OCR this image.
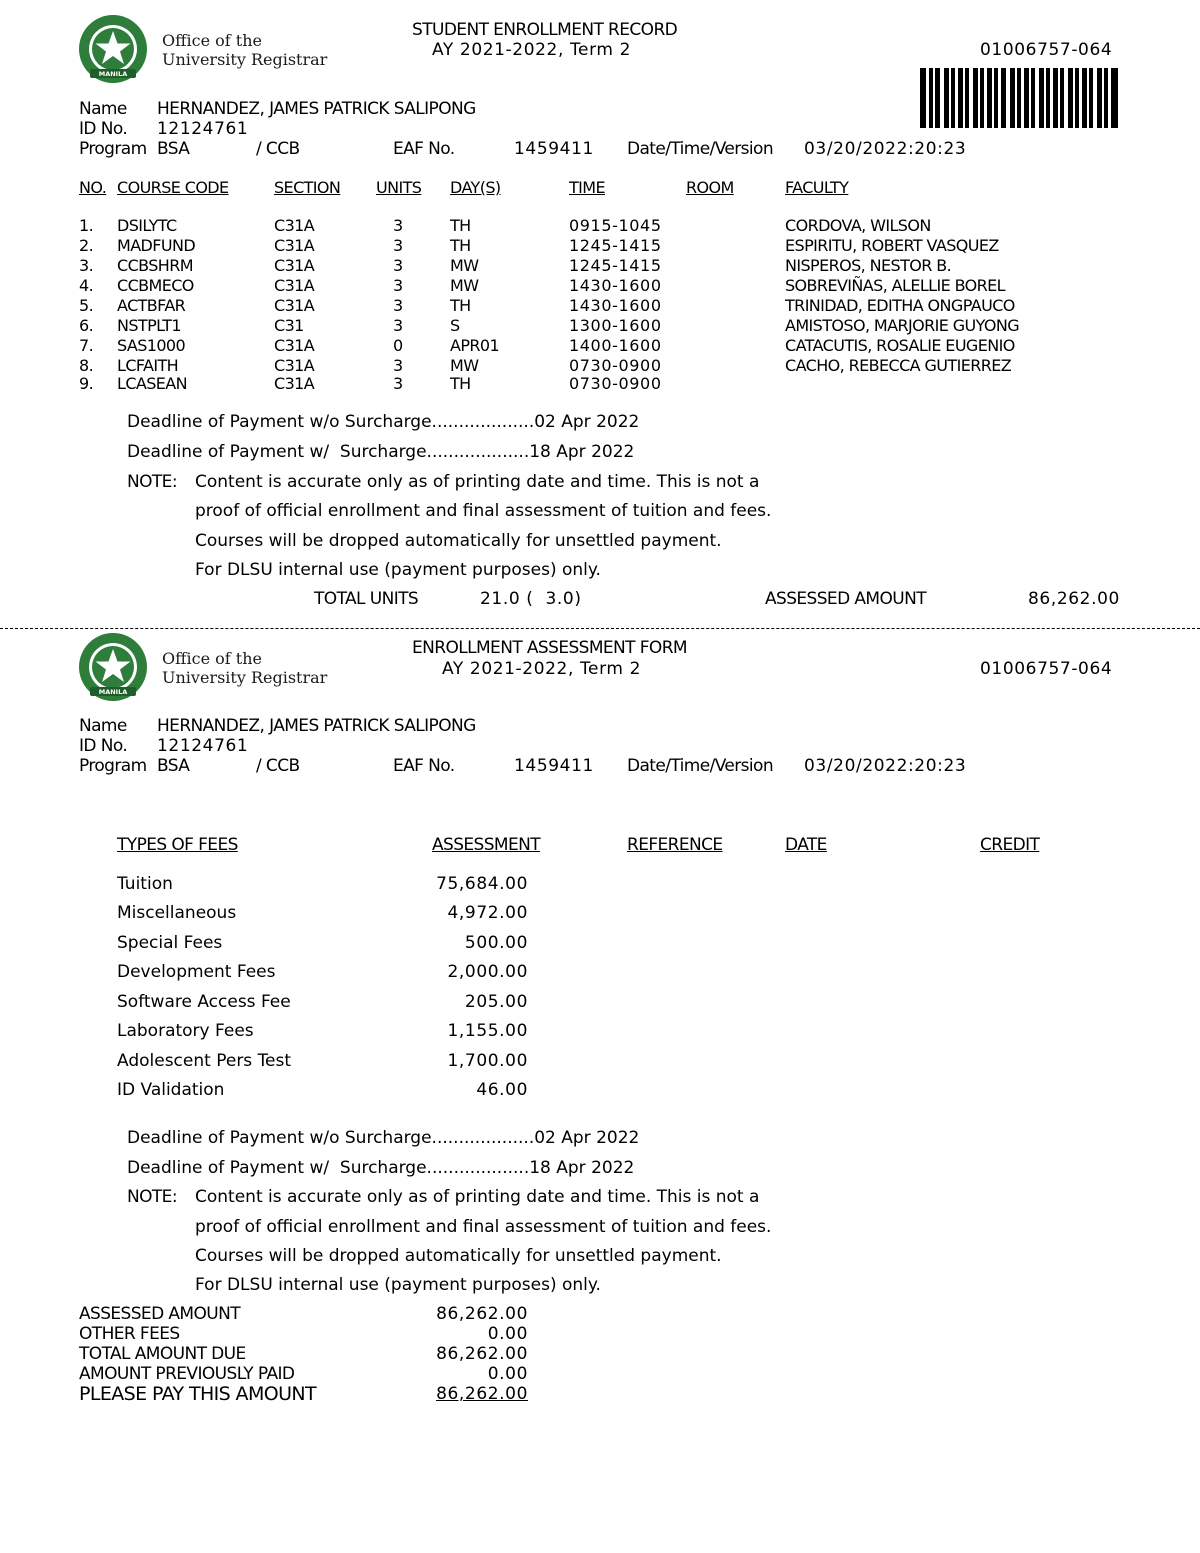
MANILA
Office of the
University Registrar
STUDENT ENROLLMENT RECORD
AY 2021-2022, Term 2	01006757-064
Name HERNANDEZ, JAMES PATRICK SALIPONG
ID No. 12124761
Program BSA	/ CCB	EAF No.	1459411 Date/Time/Version 03/20/2022:20:23
NO. COURSE CODE	SECTION UNITS DAY(S)	TIME	ROOM	FACULTY
1. DSILYTC	C31A	3	TH	0915-1045	CORDOVA, WILSON
2. MADFUND	C31A	3	TH	1245-1415	ESPIRITU, ROBERT VASQUEZ
3. CCBSHRM	C31A	3	MW	1245-1415	NISPEROS, NESTOR B.
4. CCBMECO	C31A	3	MW	1430-1600	SOBREVIÑAS, ALELLIE BOREL
5. ACTBFAR	C31A	3	TH	1430-1600	TRINIDAD, EDITHA ONGPAUCO
6. NSTPLT1	C31	3	S	1300-1600	AMISTOSO, MARJORIE GUYONG
7. SAS1000	C31A	0	APR01	1400-1600	CATACUTIS, ROSALIE EUGENIO
8. LCFAITH	C31A	3	MW	0730-0900	CACHO, REBECCA GUTIERREZ
9. LCASEAN	C31A	3	TH	0730-0900
Deadline of Payment w/o Surcharge...................02 Apr 2022
Deadline of Payment w/  Surcharge...................18 Apr 2022
NOTE: Content is accurate only as of printing date and time. This is not a
proof of official enrollment and final assessment of tuition and fees.
Courses will be dropped automatically for unsettled payment.
For DLSU internal use (payment purposes) only.
TOTAL UNITS	21.0 (  3.0)	ASSESSED AMOUNT	86,262.00
MANILA
Office of the
University Registrar
ENROLLMENT ASSESSMENT FORM
AY 2021-2022, Term 2	01006757-064
Name HERNANDEZ, JAMES PATRICK SALIPONG
ID No. 12124761
Program BSA	/ CCB	EAF No.	1459411 Date/Time/Version 03/20/2022:20:23
TYPES OF FEES	ASSESSMENT	REFERENCE	DATE	CREDIT
Tuition	75,684.00
Miscellaneous	4,972.00
Special Fees	500.00
Development Fees	2,000.00
Software Access Fee	205.00
Laboratory Fees	1,155.00
Adolescent Pers Test	1,700.00
ID Validation	46.00
Deadline of Payment w/o Surcharge...................02 Apr 2022
Deadline of Payment w/  Surcharge...................18 Apr 2022
NOTE: Content is accurate only as of printing date and time. This is not a
proof of official enrollment and final assessment of tuition and fees.
Courses will be dropped automatically for unsettled payment.
For DLSU internal use (payment purposes) only.
ASSESSED AMOUNT	86,262.00
OTHER FEES	0.00
TOTAL AMOUNT DUE	86,262.00
AMOUNT PREVIOUSLY PAID	0.00
PLEASE PAY THIS AMOUNT	86,262.00
